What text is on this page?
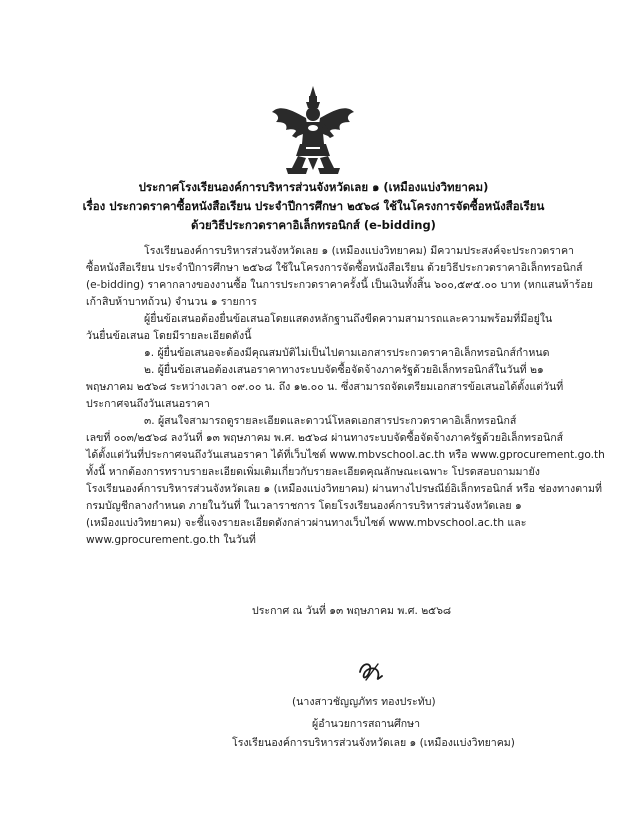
ประกาศโรงเรียนองค์การบริหารส่วนจังหวัดเลย ๑ (เหมืองแบ่งวิทยาคม)
เรื่อง ประกวดราคาซื้อหนังสือเรียน ประจำปีการศึกษา ๒๕๖๘ ใช้ในโครงการจัดซื้อหนังสือเรียน
ด้วยวิธีประกวดราคาอิเล็กทรอนิกส์ (e-bidding)
โรงเรียนองค์การบริหารส่วนจังหวัดเลย ๑ (เหมืองแบ่งวิทยาคม) มีความประสงค์จะประกวดราคา
ซื้อหนังสือเรียน ประจำปีการศึกษา ๒๕๖๘ ใช้ในโครงการจัดซื้อหนังสือเรียน ด้วยวิธีประกวดราคาอิเล็กทรอนิกส์
(e-bidding) ราคากลางของงานซื้อ ในการประกวดราคาครั้งนี้ เป็นเงินทั้งสิ้น ๖๐๐,๕๙๕.๐๐ บาท (หกแสนห้าร้อย
เก้าสิบห้าบาทถ้วน) จำนวน ๑ รายการ
ผู้ยื่นข้อเสนอต้องยื่นข้อเสนอโดยแสดงหลักฐานถึงขีดความสามารถและความพร้อมที่มีอยู่ใน
วันยื่นข้อเสนอ โดยมีรายละเอียดดังนี้
๑. ผู้ยื่นข้อเสนอจะต้องมีคุณสมบัติไม่เป็นไปตามเอกสารประกวดราคาอิเล็กทรอนิกส์กำหนด
๒. ผู้ยื่นข้อเสนอต้องเสนอราคาทางระบบจัดซื้อจัดจ้างภาครัฐด้วยอิเล็กทรอนิกส์ในวันที่ ๒๑
พฤษภาคม ๒๕๖๘ ระหว่างเวลา ๐๙.๐๐ น. ถึง ๑๒.๐๐ น. ซึ่งสามารถจัดเตรียมเอกสารข้อเสนอได้ตั้งแต่วันที่
ประกาศจนถึงวันเสนอราคา
๓. ผู้สนใจสามารถดูรายละเอียดและดาวน์โหลดเอกสารประกวดราคาอิเล็กทรอนิกส์
เลขที่ ๐๐๓/๒๕๖๘ ลงวันที่ ๑๓ พฤษภาคม พ.ศ. ๒๕๖๘ ผ่านทางระบบจัดซื้อจัดจ้างภาครัฐด้วยอิเล็กทรอนิกส์
ได้ตั้งแต่วันที่ประกาศจนถึงวันเสนอราคา ได้ที่เว็บไซต์ www.mbvschool.ac.th หรือ www.gprocurement.go.th
ทั้งนี้ หากต้องการทราบรายละเอียดเพิ่มเติมเกี่ยวกับรายละเอียดคุณลักษณะเฉพาะ โปรดสอบถามมายัง
โรงเรียนองค์การบริหารส่วนจังหวัดเลย ๑ (เหมืองแบ่งวิทยาคม) ผ่านทางไปรษณีย์อิเล็กทรอนิกส์ หรือ ช่องทางตามที่
กรมบัญชีกลางกำหนด ภายในวันที่ ในเวลาราชการ โดยโรงเรียนองค์การบริหารส่วนจังหวัดเลย ๑
(เหมืองแบ่งวิทยาคม) จะชี้แจงรายละเอียดดังกล่าวผ่านทางเว็บไซต์ www.mbvschool.ac.th และ
www.gprocurement.go.th ในวันที่
ประกาศ ณ วันที่ ๑๓ พฤษภาคม พ.ศ. ๒๕๖๘
(นางสาวชัญญภัทร ทองประทับ)
ผู้อำนวยการสถานศึกษา
โรงเรียนองค์การบริหารส่วนจังหวัดเลย ๑ (เหมืองแบ่งวิทยาคม)
